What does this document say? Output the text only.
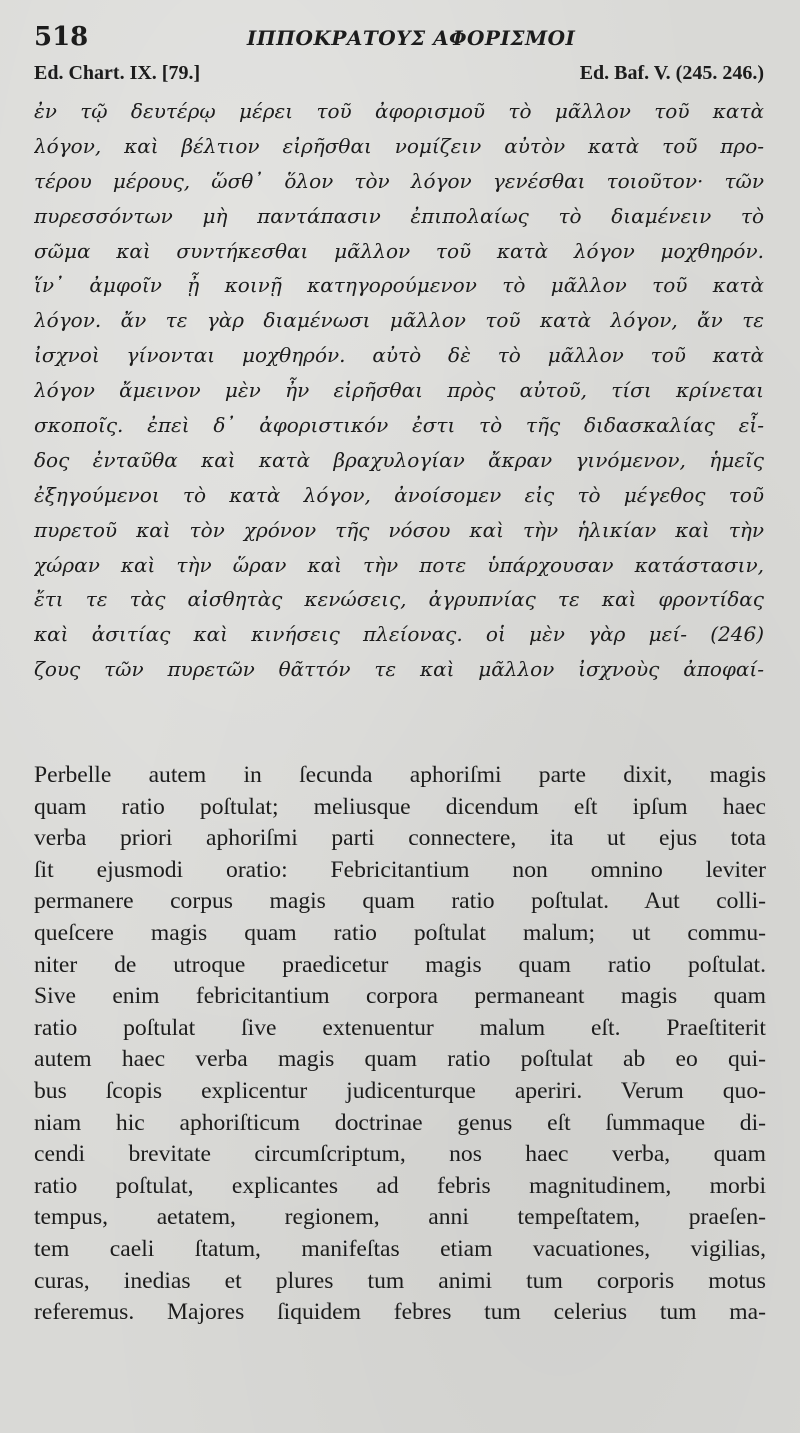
518	ΙΠΠΟΚΡΑΤΟΥΣ ΑΦΟΡΙΣΜΟΙ
Ed. Chart. IX. [79.]	Ed. Baf. V. (245. 246.)
ἐν τῷ δευτέρῳ μέρει τοῦ ἀφορισμοῦ τὸ μᾶλλον τοῦ κατὰ
λόγον, καὶ βέλτιον εἰρῆσθαι νομίζειν αὐτὸν κατὰ τοῦ προ-
τέρου μέρους, ὥσθ᾽ ὅλον τὸν λόγον γενέσθαι τοιοῦτον· τῶν
πυρεσσόντων μὴ παντάπασιν ἐπιπολαίως τὸ διαμένειν τὸ
σῶμα καὶ συντήκεσθαι μᾶλλον τοῦ κατὰ λόγον μοχθηρόν.
ἵν᾽ ἀμφοῖν ᾖ κοινῇ κατηγορούμενον τὸ μᾶλλον τοῦ κατὰ
λόγον. ἄν τε γὰρ διαμένωσι μᾶλλον τοῦ κατὰ λόγον, ἄν τε
ἰσχνοὶ γίνονται μοχθηρόν. αὐτὸ δὲ τὸ μᾶλλον τοῦ κατὰ
λόγον ἄμεινον μὲν ἦν εἰρῆσθαι πρὸς αὐτοῦ, τίσι κρίνεται
σκοποῖς. ἐπεὶ δ᾽ ἀφοριστικόν ἐστι τὸ τῆς διδασκαλίας εἶ-
δος ἐνταῦθα καὶ κατὰ βραχυλογίαν ἄκραν γινόμενον, ἡμεῖς
ἐξηγούμενοι τὸ κατὰ λόγον, ἀνοίσομεν εἰς τὸ μέγεθος τοῦ
πυρετοῦ καὶ τὸν χρόνον τῆς νόσου καὶ τὴν ἡλικίαν καὶ τὴν
χώραν καὶ τὴν ὥραν καὶ τὴν ποτε ὑπάρχουσαν κατάστασιν,
ἔτι τε τὰς αἰσθητὰς κενώσεις, ἀγρυπνίας τε καὶ φροντίδας
καὶ ἀσιτίας καὶ κινήσεις πλείονας. οἱ μὲν γὰρ μεί- (246)
ζους τῶν πυρετῶν θᾶττόν τε καὶ μᾶλλον ἰσχνοὺς ἀποφαί-
Perbelle autem in ſecunda aphoriſmi parte dixit, magis
quam ratio poſtulat; meliusque dicendum eſt ipſum haec
verba priori aphoriſmi parti connectere, ita ut ejus tota
ſit ejusmodi oratio: Febricitantium non omnino leviter
permanere corpus magis quam ratio poſtulat. Aut colli-
queſcere magis quam ratio poſtulat malum; ut commu-
niter de utroque praedicetur magis quam ratio poſtulat.
Sive enim febricitantium corpora permaneant magis quam
ratio poſtulat ſive extenuentur malum eſt. Praeſtiterit
autem haec verba magis quam ratio poſtulat ab eo qui-
bus ſcopis explicentur judicenturque aperiri. Verum quo-
niam hic aphoriſticum doctrinae genus eſt ſummaque di-
cendi brevitate circumſcriptum, nos haec verba, quam
ratio poſtulat, explicantes ad febris magnitudinem, morbi
tempus, aetatem, regionem, anni tempeſtatem, praeſen-
tem caeli ſtatum, manifeſtas etiam vacuationes, vigilias,
curas, inedias et plures tum animi tum corporis motus
referemus. Majores ſiquidem febres tum celerius tum ma-
